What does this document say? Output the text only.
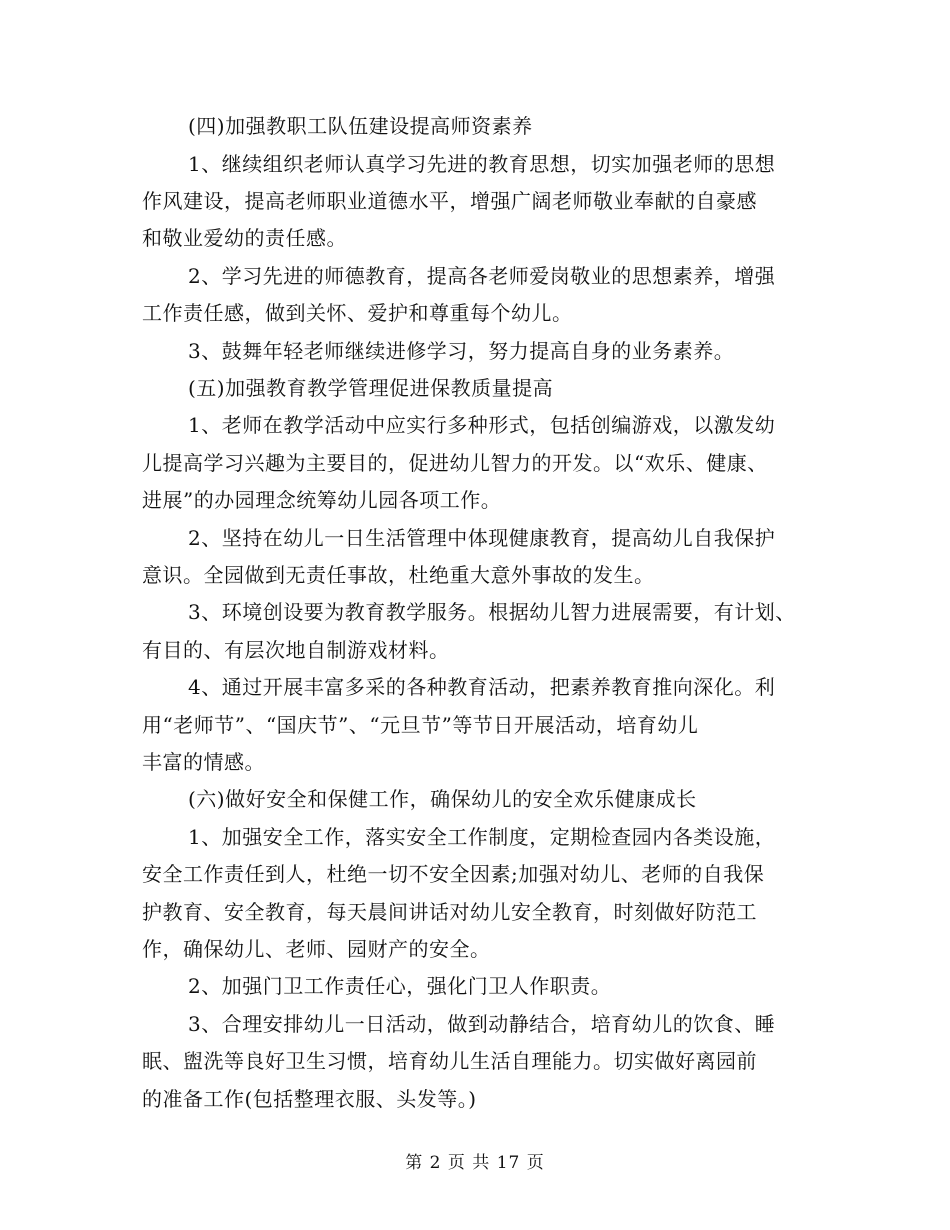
(四)加强教职工队伍建设提高师资素养
1、继续组织老师认真学习先进的教育思想，切实加强老师的思想
作风建设，提高老师职业道德水平，增强广阔老师敬业奉献的自豪感
和敬业爱幼的责任感。
2、学习先进的师德教育，提高各老师爱岗敬业的思想素养，增强
工作责任感，做到关怀、爱护和尊重每个幼儿。
3、鼓舞年轻老师继续进修学习，努力提高自身的业务素养。
(五)加强教育教学管理促进保教质量提高
1、老师在教学活动中应实行多种形式，包括创编游戏，以激发幼
儿提高学习兴趣为主要目的，促进幼儿智力的开发。以“欢乐、健康、
进展”的办园理念统筹幼儿园各项工作。
2、坚持在幼儿一日生活管理中体现健康教育，提高幼儿自我保护
意识。全园做到无责任事故，杜绝重大意外事故的发生。
3、环境创设要为教育教学服务。根据幼儿智力进展需要，有计划、
有目的、有层次地自制游戏材料。
4、通过开展丰富多采的各种教育活动，把素养教育推向深化。利
用“老师节”、“国庆节”、“元旦节”等节日开展活动，培育幼儿
丰富的情感。
(六)做好安全和保健工作，确保幼儿的安全欢乐健康成长
1、加强安全工作，落实安全工作制度，定期检查园内各类设施，
安全工作责任到人，杜绝一切不安全因素;加强对幼儿、老师的自我保
护教育、安全教育，每天晨间讲话对幼儿安全教育，时刻做好防范工
作，确保幼儿、老师、园财产的安全。
2、加强门卫工作责任心，强化门卫人作职责。
3、合理安排幼儿一日活动，做到动静结合，培育幼儿的饮食、睡
眠、盥洗等良好卫生习惯，培育幼儿生活自理能力。切实做好离园前
的准备工作(包括整理衣服、头发等。)
第 2 页 共 17 页
